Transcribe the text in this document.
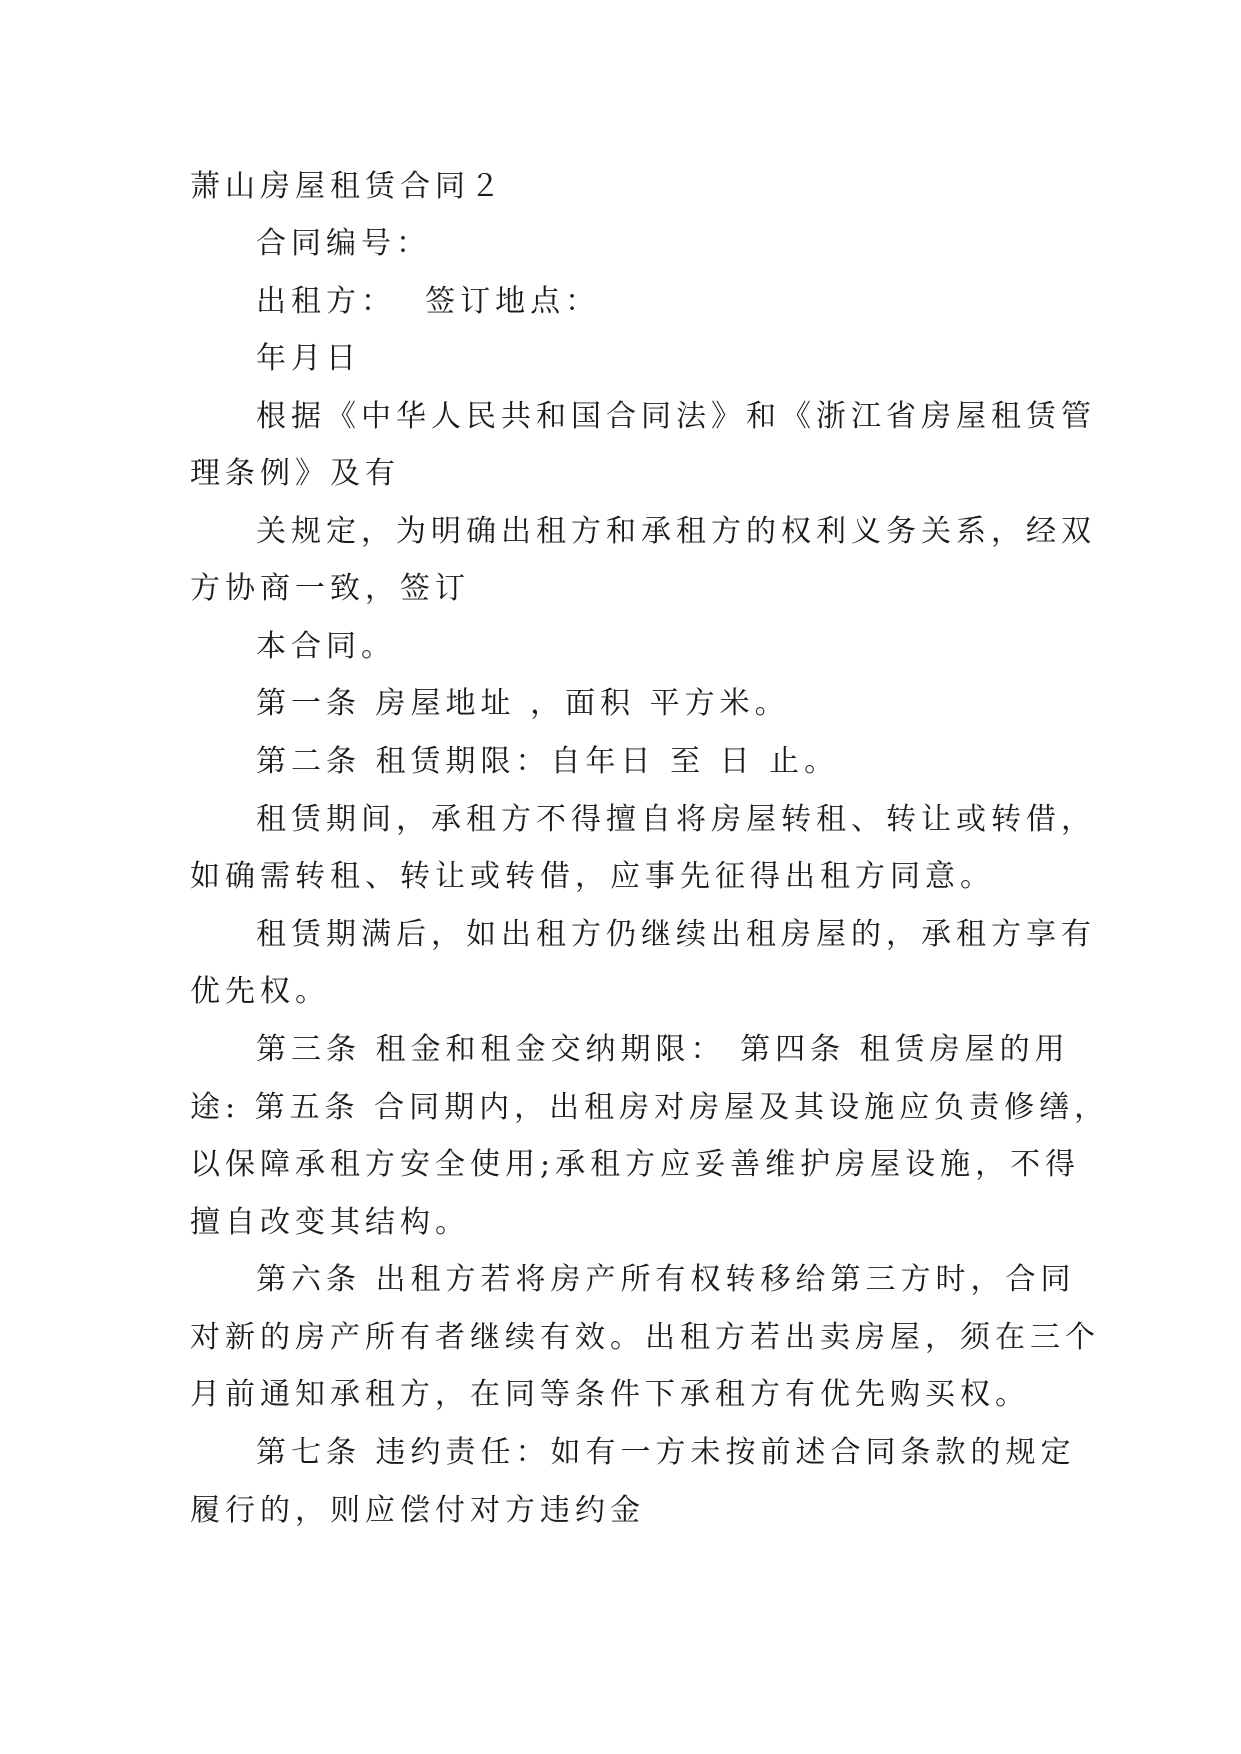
萧山房屋租赁合同２
合同编号：
出租方：  签订地点：
年月日
根据《中华人民共和国合同法》和《浙江省房屋租赁管
理条例》及有
关规定，为明确出租方和承租方的权利义务关系，经双
方协商一致，签订
本合同。
第一条 房屋地址 ，面积 平方米。
第二条 租赁期限：自年日 至 日 止。
租赁期间，承租方不得擅自将房屋转租、转让或转借，
如确需转租、转让或转借，应事先征得出租方同意。
租赁期满后，如出租方仍继续出租房屋的，承租方享有
优先权。
第三条 租金和租金交纳期限： 第四条 租赁房屋的用
途: 第五条 合同期内，出租房对房屋及其设施应负责修缮，
以保障承租方安全使用;承租方应妥善维护房屋设施，不得
擅自改变其结构。
第六条 出租方若将房产所有权转移给第三方时，合同
对新的房产所有者继续有效。出租方若出卖房屋，须在三个
月前通知承租方，在同等条件下承租方有优先购买权。
第七条 违约责任：如有一方未按前述合同条款的规定
履行的，则应偿付对方违约金
